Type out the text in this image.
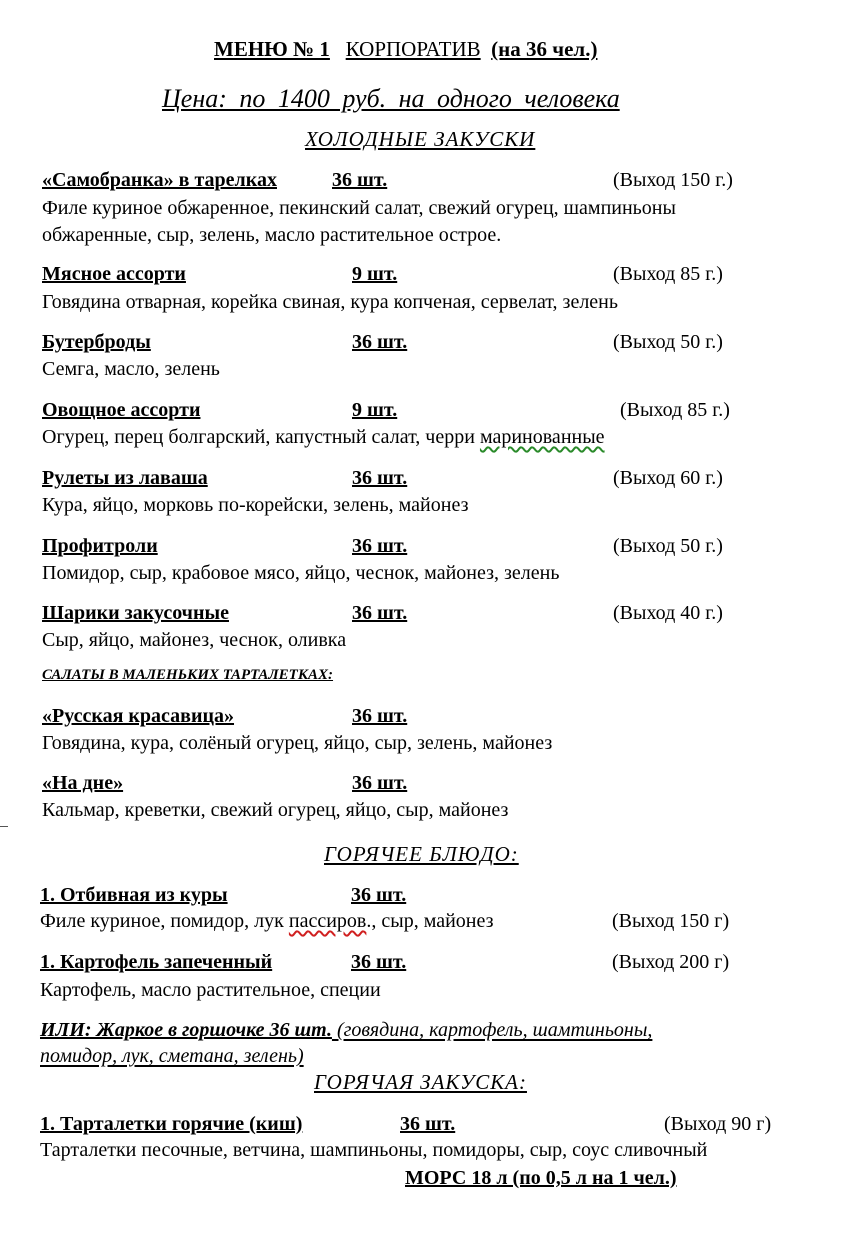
МЕНЮ № 1 КОРПОРАТИВ (на 36 чел.)
Цена: по 1400 руб. на одного человека
ХОЛОДНЫЕ ЗАКУСКИ
«Самобранка» в тарелках	36 шт.	(Выход 150 г.)
Филе куриное обжаренное, пекинский салат, свежий огурец, шампиньоны
обжаренные, сыр, зелень, масло растительное острое.
Мясное ассорти	9 шт.	(Выход 85 г.)
Говядина отварная, корейка свиная, кура копченая, сервелат, зелень
Бутерброды	36 шт.	(Выход 50 г.)
Семга, масло, зелень
Овощное ассорти	9 шт.	(Выход 85 г.)
Огурец, перец болгарский, капустный салат, черри маринованные
Рулеты из лаваша	36 шт.	(Выход 60 г.)
Кура, яйцо, морковь по-корейски, зелень, майонез
Профитроли	36 шт.	(Выход 50 г.)
Помидор, сыр, крабовое мясо, яйцо, чеснок, майонез, зелень
Шарики закусочные	36 шт.	(Выход 40 г.)
Сыр, яйцо, майонез, чеснок, оливка
САЛАТЫ В МАЛЕНЬКИХ ТАРТАЛЕТКАХ:
«Русская красавица»	36 шт.
Говядина, кура, солёный огурец, яйцо, сыр, зелень, майонез
«На дне»	36 шт.
Кальмар, креветки, свежий огурец, яйцо, сыр, майонез
ГОРЯЧЕЕ БЛЮДО:
1. Отбивная из куры	36 шт.
Филе куриное, помидор, лук пассиров., сыр, майонез	(Выход 150 г)
1. Картофель запеченный	36 шт.	(Выход 200 г)
Картофель, масло растительное, специи
ИЛИ: Жаркое в горшочке 36 шт. (говядина, картофель, шамтиньоны,
помидор, лук, сметана, зелень)
ГОРЯЧАЯ ЗАКУСКА:
1. Тарталетки горячие (киш)	36 шт.	(Выход 90 г)
Тарталетки песочные, ветчина, шампиньоны, помидоры, сыр, соус сливочный
МОРС 18 л (по 0,5 л на 1 чел.)
